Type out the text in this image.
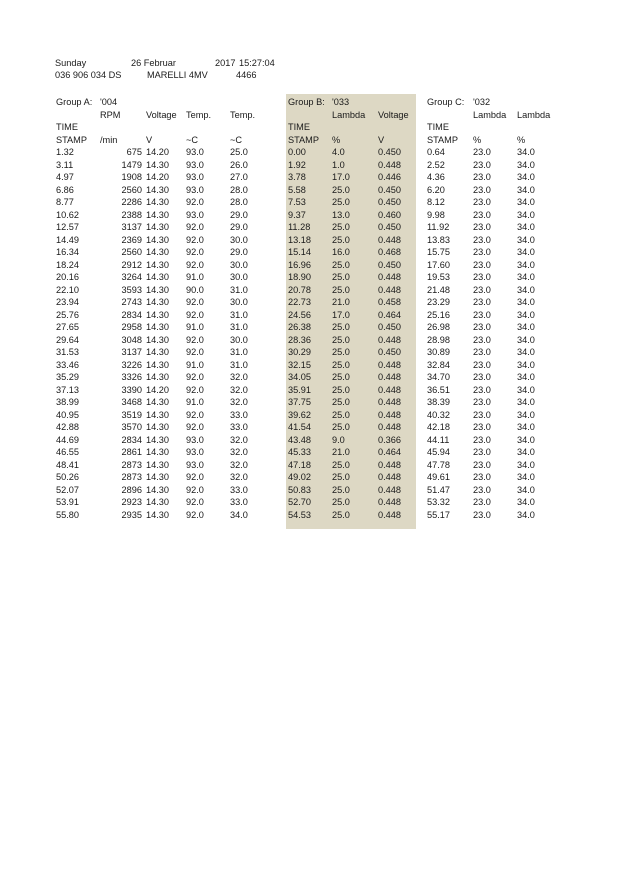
Sunday	26 Februar	2017 15:27:04
036 906 034 DS	MARELLI 4MV	4466
Group A:	'004			
	RPM	Voltage	Temp.	Temp.
TIME				
STAMP	/min	V	~C	~C
1.32	675	14.20	93.0	25.0
3.11	1479	14.30	93.0	26.0
4.97	1908	14.20	93.0	27.0
6.86	2560	14.30	93.0	28.0
8.77	2286	14.30	92.0	28.0
10.62	2388	14.30	93.0	29.0
12.57	3137	14.30	92.0	29.0
14.49	2369	14.30	92.0	30.0
16.34	2560	14.30	92.0	29.0
18.24	2912	14.30	92.0	30.0
20.16	3264	14.30	91.0	30.0
22.10	3593	14.30	90.0	31.0
23.94	2743	14.30	92.0	30.0
25.76	2834	14.30	92.0	31.0
27.65	2958	14.30	91.0	31.0
29.64	3048	14.30	92.0	30.0
31.53	3137	14.30	92.0	31.0
33.46	3226	14.30	91.0	31.0
35.29	3326	14.30	92.0	32.0
37.13	3390	14.20	92.0	32.0
38.99	3468	14.30	91.0	32.0
40.95	3519	14.30	92.0	33.0
42.88	3570	14.30	92.0	33.0
44.69	2834	14.30	93.0	32.0
46.55	2861	14.30	93.0	32.0
48.41	2873	14.30	93.0	32.0
50.26	2873	14.30	92.0	32.0
52.07	2896	14.30	92.0	33.0
53.91	2923	14.30	92.0	33.0
55.80	2935	14.30	92.0	34.0
Group B:	'033	
	Lambda	Voltage
TIME		
STAMP	%	V
0.00	4.0	0.450
1.92	1.0	0.448
3.78	17.0	0.446
5.58	25.0	0.450
7.53	25.0	0.450
9.37	13.0	0.460
11.28	25.0	0.450
13.18	25.0	0.448
15.14	16.0	0.468
16.96	25.0	0.450
18.90	25.0	0.448
20.78	25.0	0.448
22.73	21.0	0.458
24.56	17.0	0.464
26.38	25.0	0.450
28.36	25.0	0.448
30.29	25.0	0.450
32.15	25.0	0.448
34.05	25.0	0.448
35.91	25.0	0.448
37.75	25.0	0.448
39.62	25.0	0.448
41.54	25.0	0.448
43.48	9.0	0.366
45.33	21.0	0.464
47.18	25.0	0.448
49.02	25.0	0.448
50.83	25.0	0.448
52.70	25.0	0.448
54.53	25.0	0.448
Group C:	'032	
	Lambda	Lambda
TIME		
STAMP	%	%
0.64	23.0	34.0
2.52	23.0	34.0
4.36	23.0	34.0
6.20	23.0	34.0
8.12	23.0	34.0
9.98	23.0	34.0
11.92	23.0	34.0
13.83	23.0	34.0
15.75	23.0	34.0
17.60	23.0	34.0
19.53	23.0	34.0
21.48	23.0	34.0
23.29	23.0	34.0
25.16	23.0	34.0
26.98	23.0	34.0
28.98	23.0	34.0
30.89	23.0	34.0
32.84	23.0	34.0
34.70	23.0	34.0
36.51	23.0	34.0
38.39	23.0	34.0
40.32	23.0	34.0
42.18	23.0	34.0
44.11	23.0	34.0
45.94	23.0	34.0
47.78	23.0	34.0
49.61	23.0	34.0
51.47	23.0	34.0
53.32	23.0	34.0
55.17	23.0	34.0
